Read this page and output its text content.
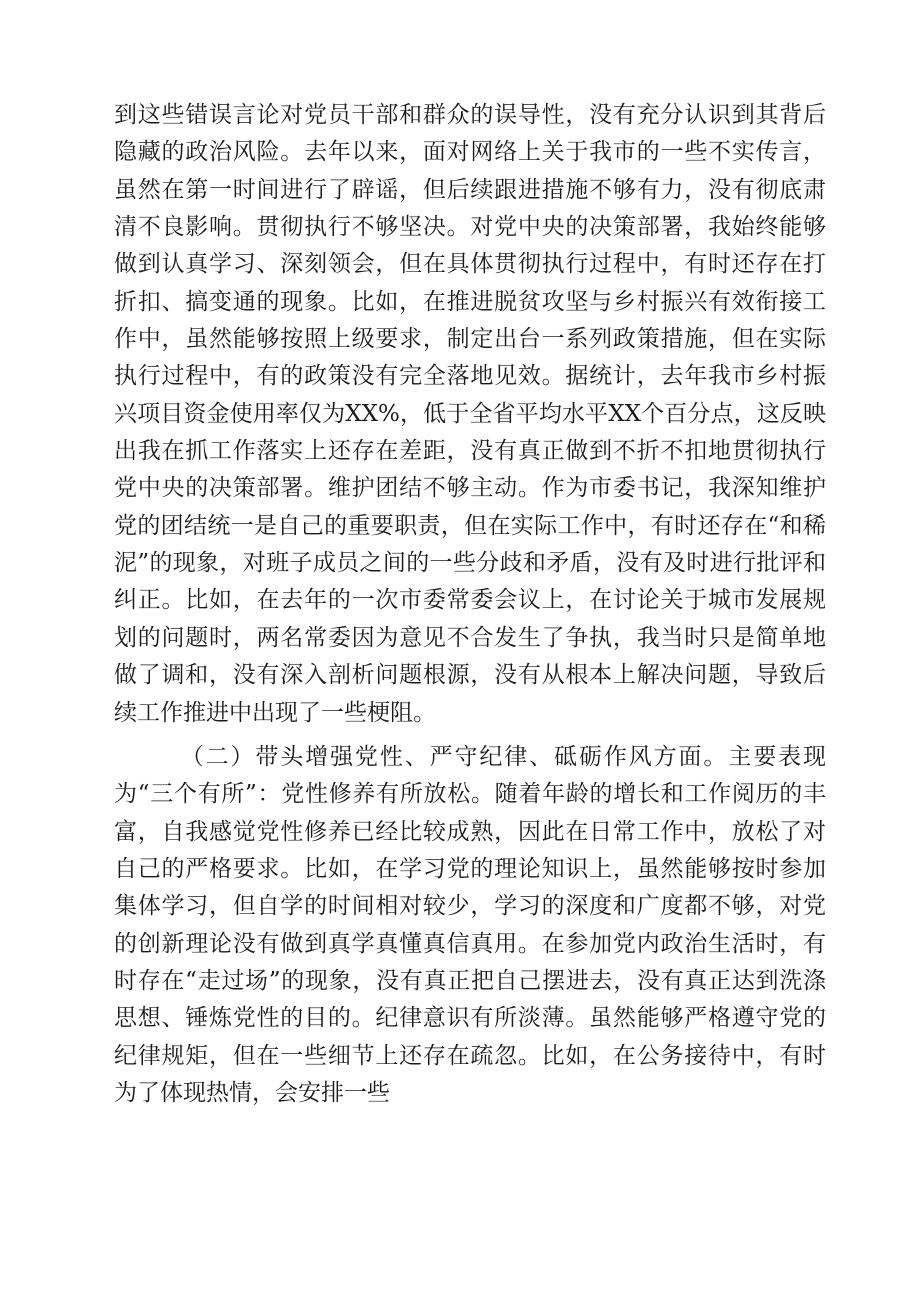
到这些错误言论对党员干部和群众的误导性，没有充分认识到其背后隐藏的政治风险。去年以来，面对网络上关于我市的一些不实传言，虽然在第一时间进行了辟谣，但后续跟进措施不够有力，没有彻底肃清不良影响。贯彻执行不够坚决。对党中央的决策部署，我始终能够做到认真学习、深刻领会，但在具体贯彻执行过程中，有时还存在打折扣、搞变通的现象。比如，在推进脱贫攻坚与乡村振兴有效衔接工作中，虽然能够按照上级要求，制定出台一系列政策措施，但在实际执行过程中，有的政策没有完全落地见效。据统计，去年我市乡村振兴项目资金使用率仅为XX%，低于全省平均水平XX个百分点，这反映出我在抓工作落实上还存在差距，没有真正做到不折不扣地贯彻执行党中央的决策部署。维护团结不够主动。作为市委书记，我深知维护党的团结统一是自己的重要职责，但在实际工作中，有时还存在“和稀泥”的现象，对班子成员之间的一些分歧和矛盾，没有及时进行批评和纠正。比如，在去年的一次市委常委会议上，在讨论关于城市发展规划的问题时，两名常委因为意见不合发生了争执，我当时只是简单地做了调和，没有深入剖析问题根源，没有从根本上解决问题，导致后续工作推进中出现了一些梗阻。

（二）带头增强党性、严守纪律、砥砺作风方面。主要表现为“三个有所”：党性修养有所放松。随着年龄的增长和工作阅历的丰富，自我感觉党性修养已经比较成熟，因此在日常工作中，放松了对自己的严格要求。比如，在学习党的理论知识上，虽然能够按时参加集体学习，但自学的时间相对较少，学习的深度和广度都不够，对党的创新理论没有做到真学真懂真信真用。在参加党内政治生活时，有时存在“走过场”的现象，没有真正把自己摆进去，没有真正达到洗涤思想、锤炼党性的目的。纪律意识有所淡薄。虽然能够严格遵守党的纪律规矩，但在一些细节上还存在疏忽。比如，在公务接待中，有时为了体现热情，会安排一些
